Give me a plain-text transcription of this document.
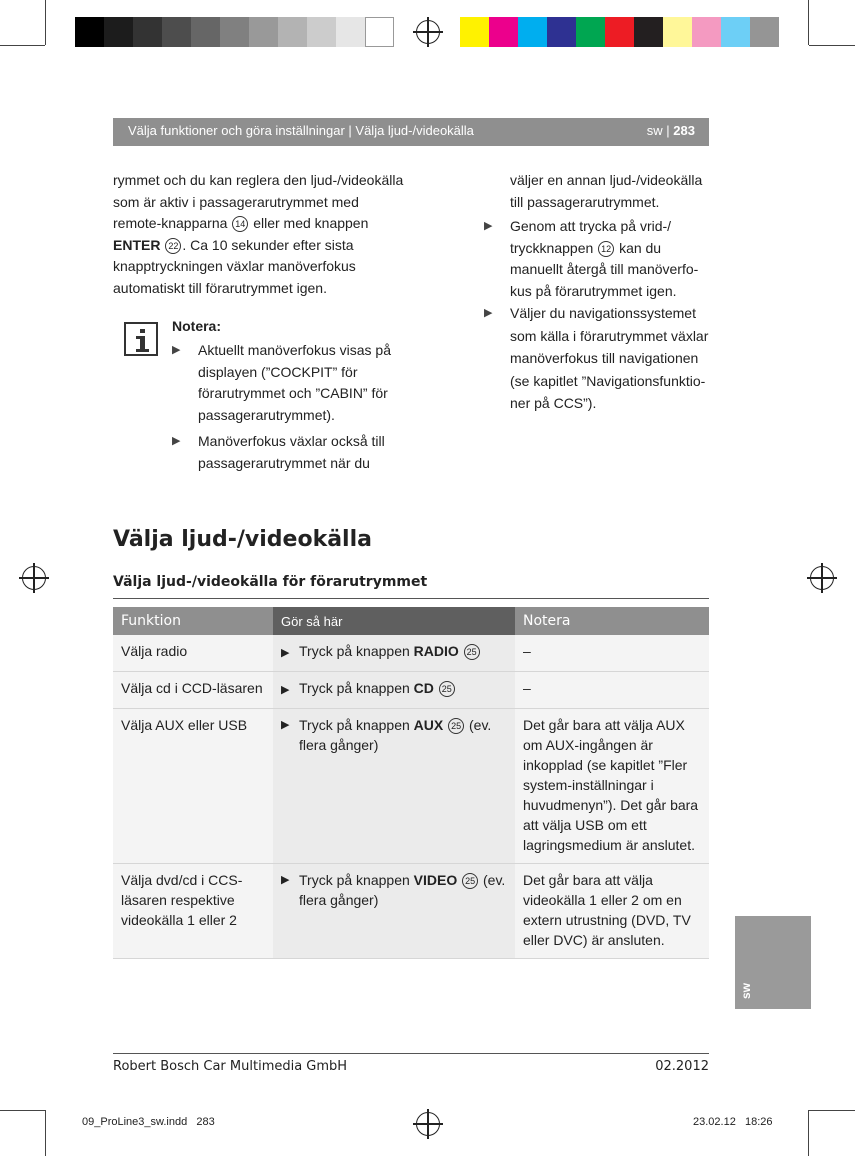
Välja funktioner och göra inställningar | Välja ljud-/videokälla	sw | 283
rymmet och du kan reglera den ljud-/videokälla
som är aktiv i passagerarutrymmet med
remote-knapparna 14 eller med knappen
ENTER 22 . Ca 10 sekunder efter sista
knapptryckningen växlar manöverfokus
automatiskt till förarutrymmet igen.
Notera:
▶ Aktuellt manöverfokus visas på
displayen (”COCKPIT” för
förarutrymmet och ”CABIN” för
passagerarutrymmet).
▶ Manöverfokus växlar också till
passagerarutrymmet när du
väljer en annan ljud-/videokälla
till passagerarutrymmet.
▶ Genom att trycka på vrid-/
tryckknappen 12 kan du
manuellt återgå till manöverfo-
kus på förarutrymmet igen.
▶ Väljer du navigationssystemet
som källa i förarutrymmet växlar
manöverfokus till navigationen
(se kapitlet ”Navigationsfunktio-
ner på CCS”).
Välja ljud-/videokälla
Välja ljud-/videokälla för förarutrymmet
Funktion	Gör så här	Notera
Välja radio	▶ Tryck på knappen RADIO 25	–
Välja cd i CCD-läsaren	▶ Tryck på knappen CD 25	–
Välja AUX eller USB	▶ Tryck på knappen AUX 25 (ev. flera gånger)	Det går bara att välja AUX om AUX-ingången är inkopplad (se kapitlet ”Fler system-inställningar i huvudmenyn”). Det går bara att välja USB om ett lagringsmedium är anslutet.
Välja dvd/cd i CCS-läsaren respektive videokälla 1 eller 2	▶ Tryck på knappen VIDEO 25 (ev. flera gånger)	Det går bara att välja videokälla 1 eller 2 om en extern utrustning (DVD, TV eller DVC) är ansluten.
sw
Robert Bosch Car Multimedia GmbH	02.2012
09_ProLine3_sw.indd   283	23.02.12   18:26
